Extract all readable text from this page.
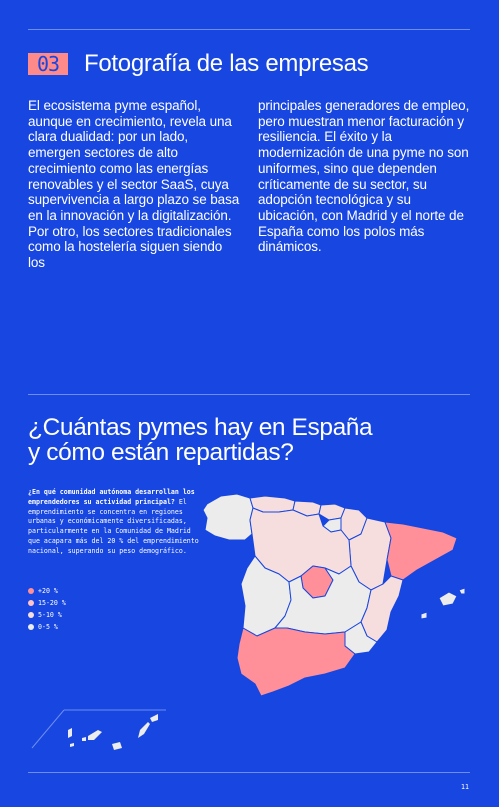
03	Fotografía de las empresas
El ecosistema pyme español, aunque en crecimiento, revela una clara dualidad: por un lado, emergen sectores de alto crecimiento como las energías renovables y el sector SaaS, cuya supervivencia a largo plazo se basa en la innovación y la digitalización. Por otro, los sectores tradicionales como la hostelería siguen siendo los
principales generadores de empleo, pero muestran menor facturación y resiliencia. El éxito y la modernización de una pyme no son uniformes, sino que dependen críticamente de su sector, su adopción tecnológica y su ubicación, con Madrid y el norte de España como los polos más dinámicos.
¿Cuántas pymes hay en España
y cómo están repartidas?
¿En qué comunidad autónoma desarrollan los emprendedores su actividad principal? El emprendimiento se concentra en regiones urbanas y económicamente diversificadas, particularmente en la Comunidad de Madrid que acapara más del 20 % del emprendimiento nacional, superando su peso demográfico.
+20 %
15-20 %
5-10 %
0-5 %
11
